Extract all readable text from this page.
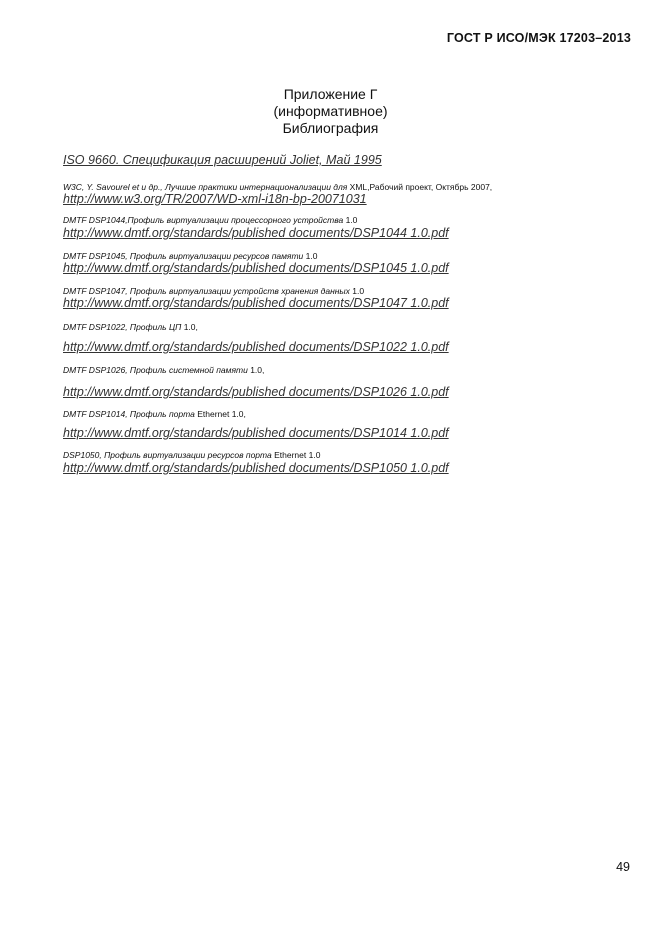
ГОСТ Р ИСО/МЭК 17203–2013
Приложение Г
(информативное)
Библиография
ISO 9660. Спецификация расширений Joliet, Май 1995
W3C, Y. Savourel et и др., Лучшие практики интернационализации для XML,Рабочий проект, Октябрь 2007,
http://www.w3.org/TR/2007/WD-xml-i18n-bp-20071031
DMTF DSP1044,Профиль виртуализации процессорного устройства 1.0
http://www.dmtf.org/standards/published documents/DSP1044 1.0.pdf
DMTF DSP1045, Профиль виртуализации ресурсов памяти 1.0
http://www.dmtf.org/standards/published documents/DSP1045 1.0.pdf
DMTF DSP1047, Профиль виртуализации устройств хранения данных 1.0
http://www.dmtf.org/standards/published documents/DSP1047 1.0.pdf
DMTF DSP1022, Профиль ЦП 1.0,
http://www.dmtf.org/standards/published documents/DSP1022 1.0.pdf
DMTF DSP1026, Профиль системной памяти 1.0,
http://www.dmtf.org/standards/published documents/DSP1026 1.0.pdf
DMTF DSP1014, Профиль порта Ethernet 1.0,
http://www.dmtf.org/standards/published documents/DSP1014 1.0.pdf
DSP1050, Профиль виртуализации ресурсов порта Ethernet 1.0
http://www.dmtf.org/standards/published documents/DSP1050 1.0.pdf
49
